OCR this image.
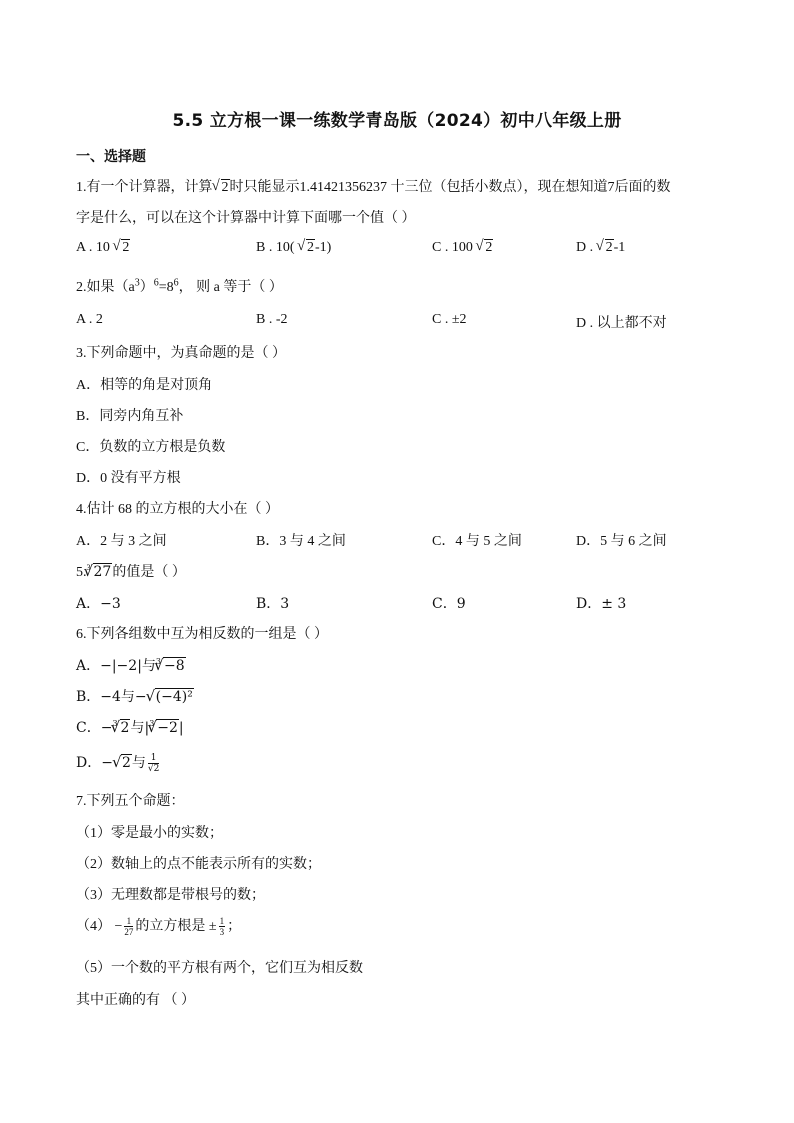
5.5 立方根一课一练数学青岛版（2024）初中八年级上册
一、选择题
1.有一个计算器，计算√ 2时只能显示1.41421356237 十三位（包括小数点），现在想知道7后面的数
字是什么，可以在这个计算器中计算下面哪一个值（ ）
A . 10 √ 2	B . 10( √ 2-1)	C . 100 √ 2	D . √ 2-1
2.如果$(a^3)^6=8^6$， 则 a 等于（ ）
A . 2	B . -2	C . ±2	D . 以上都不对
3.下列命题中，为真命题的是（ ）
A．相等的角是对顶角
B．同旁内角互补
C．负数的立方根是负数
D．0 没有平方根
4.估计 68 的立方根的大小在（ ）
A．2 与 3 之间	B．3 与 4 之间	C．4 与 5 之间	D．5 与 6 之间
5.$^3$√ 27的值是（ ）
A．−3	B．3	C．9	D．± 3
6.下列各组数中互为相反数的一组是（ ）
A．−|−2|与$^3$√ −8
B．−4与−√ (−4)²
C．−$^3$√ 2与$|^3√ -2|$
D．−√ 2与 $\frac{1}{√2}$
7.下列五个命题：
（1）零是最小的实数；
（2）数轴上的点不能表示所有的实数；
（3）无理数都是带根号的数；
$(4) - \frac{1}{27}$ 的立方根是 ± $\frac{1}{3}$ ；
（5）一个数的平方根有两个，它们互为相反数
其中正确的有 （ ）
